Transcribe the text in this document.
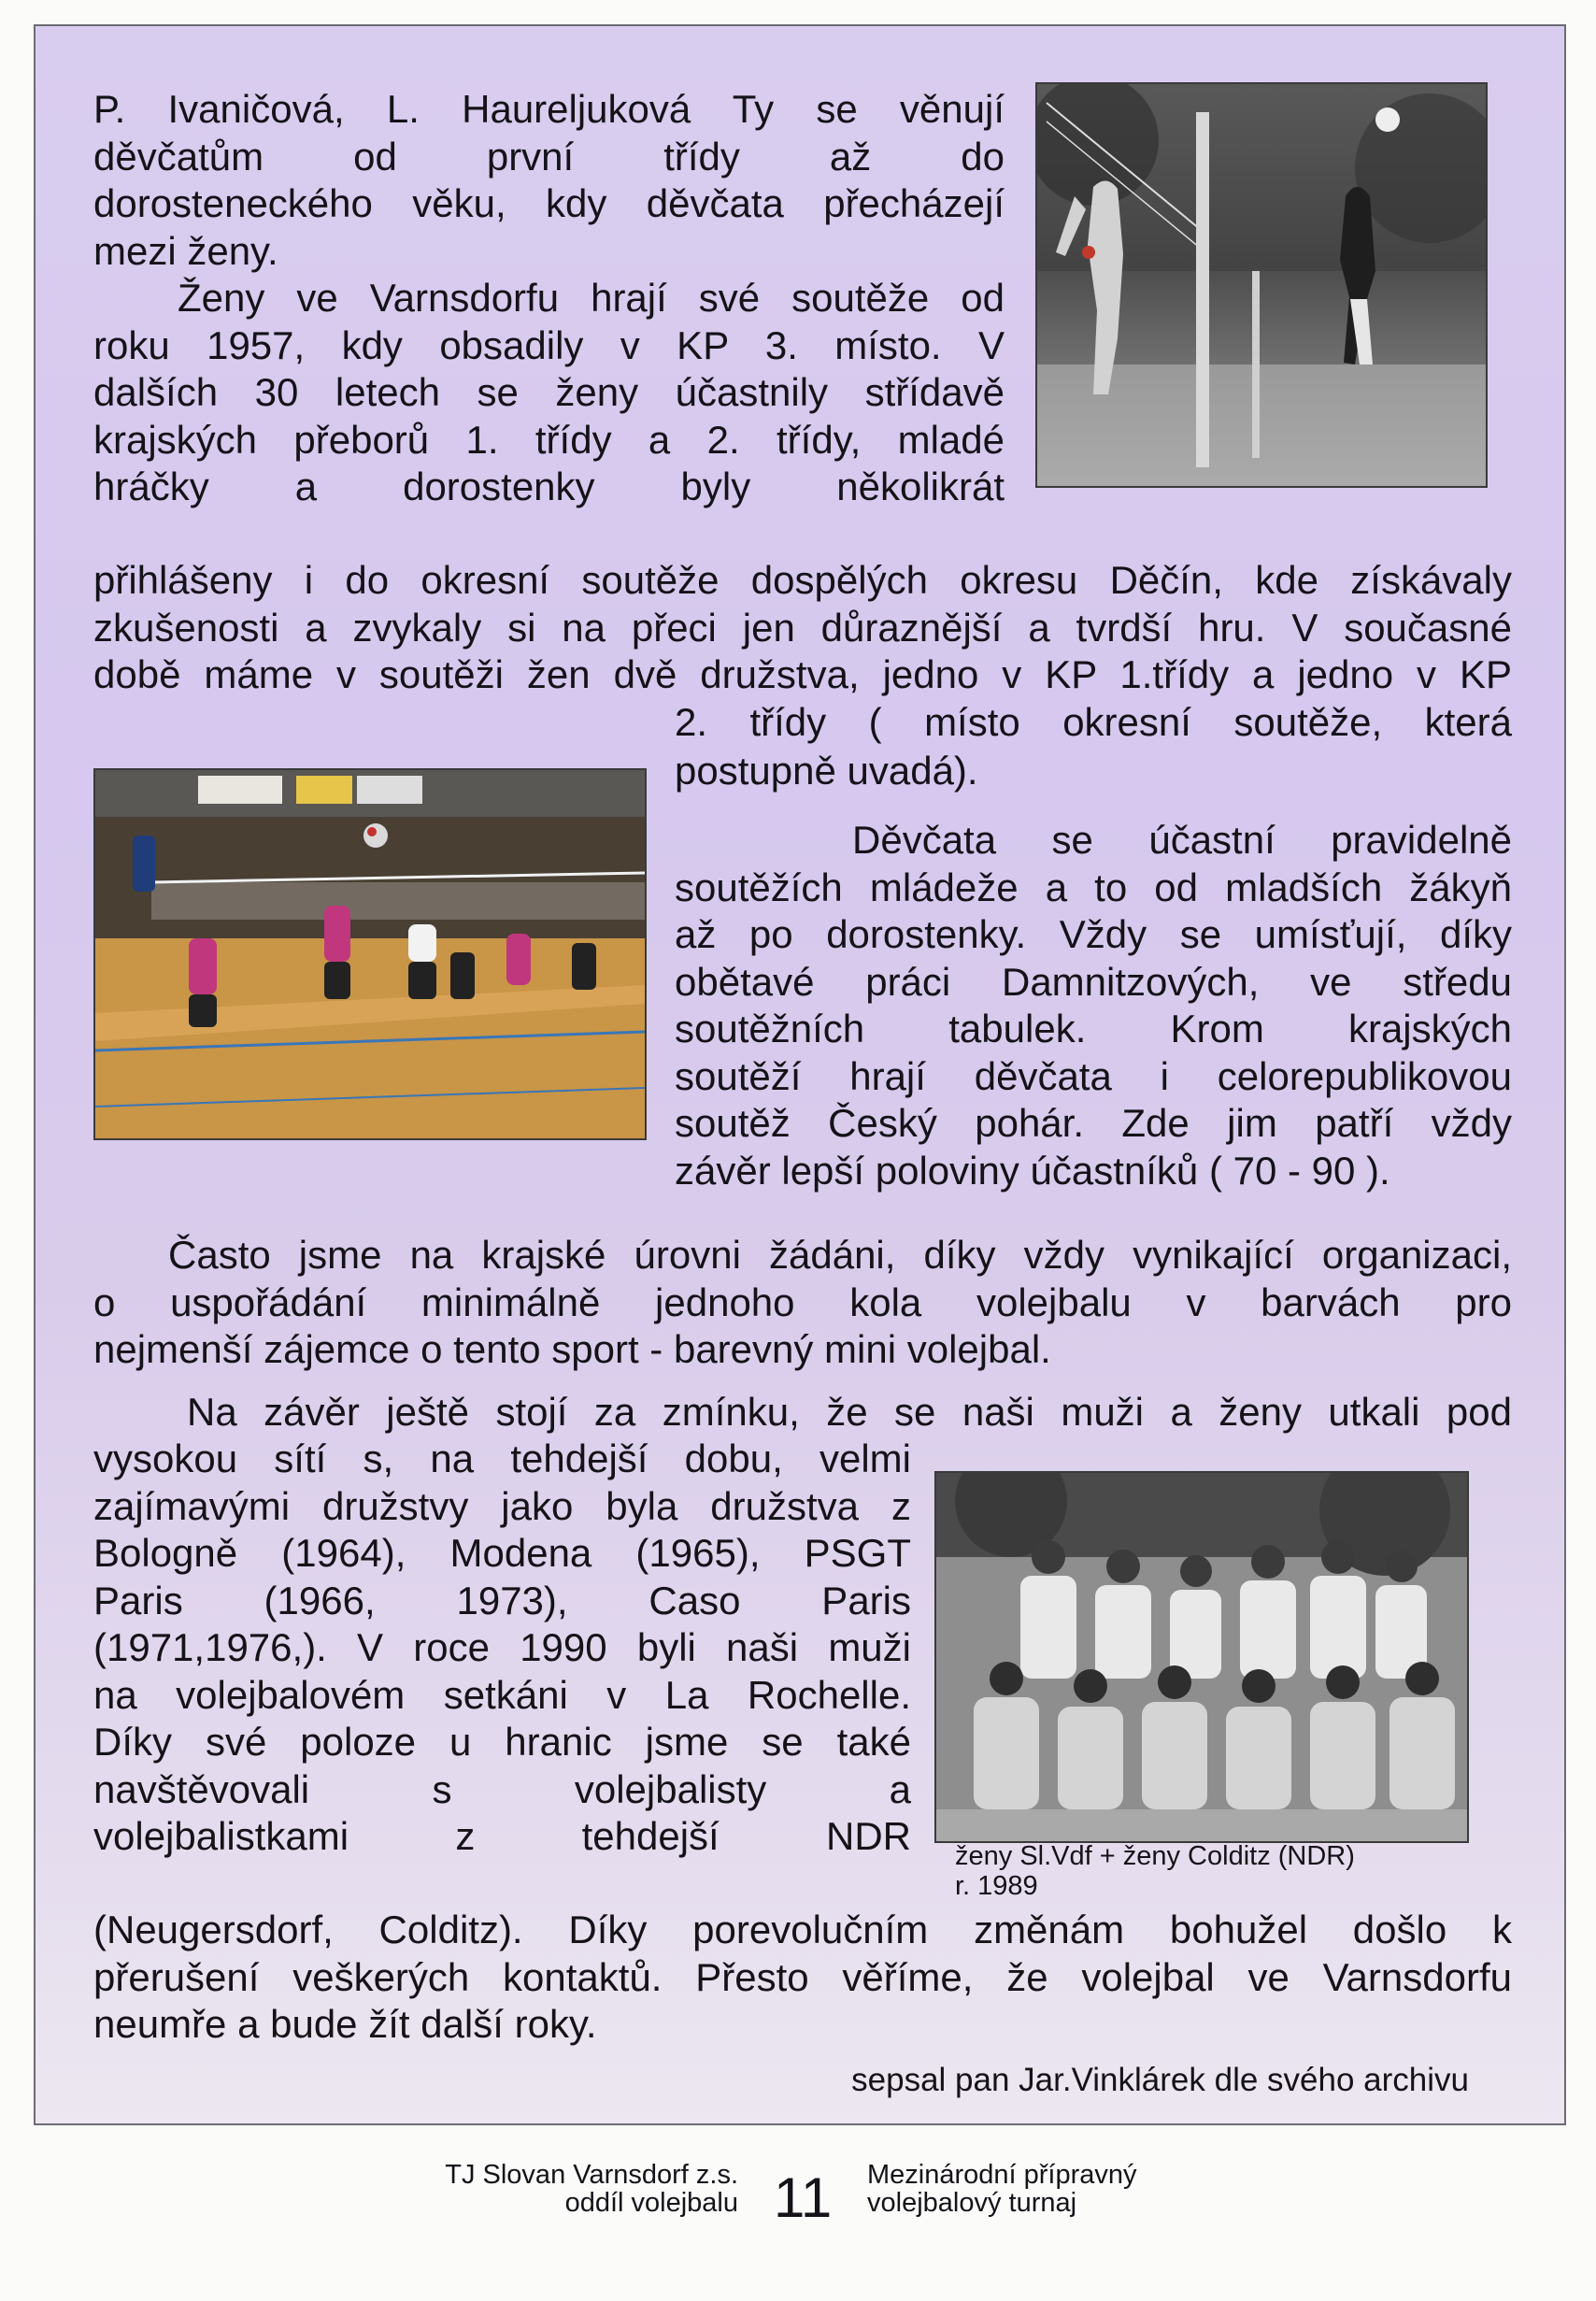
P. Ivaničová, L. Haureljuková Ty se věnují
děvčatům od první třídy až do
dorosteneckého věku, kdy děvčata přecházejí
mezi ženy.
Ženy ve Varnsdorfu hrají své soutěže od
roku 1957, kdy obsadily v KP 3. místo. V
dalších 30 letech se ženy účastnily střídavě
krajských přeborů 1. třídy a 2. třídy, mladé
hráčky a dorostenky byly několikrát
přihlášeny i do okresní soutěže dospělých okresu Děčín, kde získávaly
zkušenosti a zvykaly si na přeci jen důraznější a tvrdší hru. V současné
době máme v soutěži žen dvě družstva, jedno v KP 1.třídy a jedno v KP
2. třídy ( místo okresní soutěže, která
postupně uvadá).
Děvčata se účastní pravidelně
soutěžích mládeže a to od mladších žákyň
až po dorostenky. Vždy se umísťují, díky
obětavé práci Damnitzových, ve středu
soutěžních tabulek. Krom krajských
soutěží hrají děvčata i celorepublikovou
soutěž Český pohár. Zde jim patří vždy
závěr lepší poloviny účastníků ( 70 - 90 ).
Často jsme na krajské úrovni žádáni, díky vždy vynikající organizaci,
o uspořádání minimálně jednoho kola volejbalu v barvách pro
nejmenší zájemce o tento sport - barevný mini volejbal.
Na závěr ještě stojí za zmínku, že se naši muži a ženy utkali pod
vysokou sítí s, na tehdejší dobu, velmi
zajímavými družstvy jako byla družstva z
Bologně (1964), Modena (1965), PSGT
Paris (1966, 1973), Caso Paris
(1971,1976,). V roce 1990 byli naši muži
na volejbalovém setkáni v La Rochelle.
Díky své poloze u hranic jsme se také
navštěvovali s volejbalisty a
volejbalistkami z tehdejší NDR
(Neugersdorf, Colditz). Díky porevolučním změnám bohužel došlo k
přerušení veškerých kontaktů. Přesto věříme, že volejbal ve Varnsdorfu
neumře a bude žít další roky.
sepsal pan Jar.Vinklárek dle svého archivu
ženy Sl.Vdf + ženy Colditz (NDR)
r. 1989
TJ Slovan Varnsdorf z.s.
oddíl volejbalu 11 Mezinárodní přípravný
volejbalový turnaj
